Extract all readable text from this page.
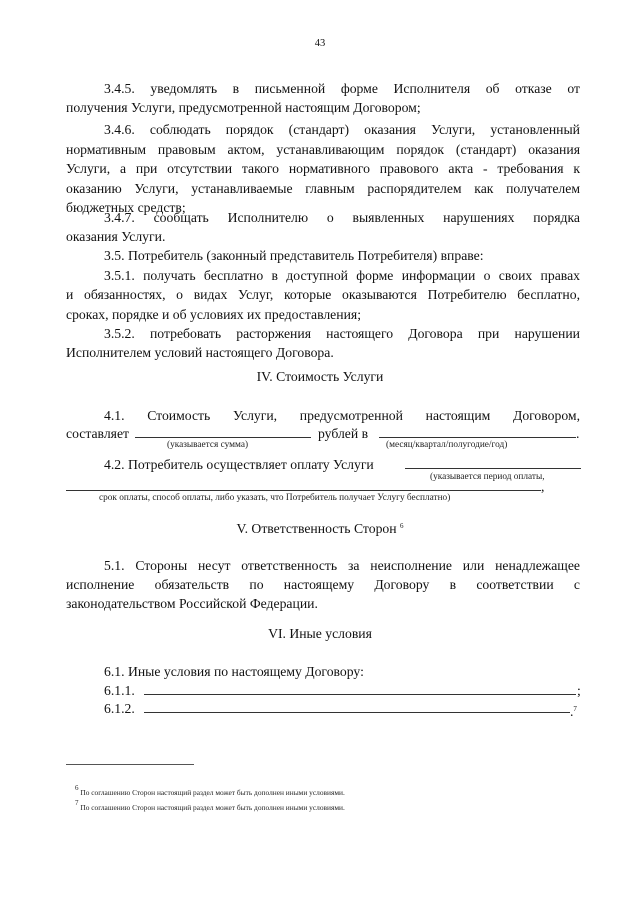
43
3.4.5. уведомлять в письменной форме Исполнителя об отказе от
получения Услуги, предусмотренной настоящим Договором;
3.4.6. соблюдать порядок (стандарт) оказания Услуги, установленный
нормативным правовым актом, устанавливающим порядок (стандарт) оказания
Услуги, а при отсутствии такого нормативного правового акта - требования к
оказанию Услуги, устанавливаемые главным распорядителем как получателем
бюджетных средств;
3.4.7. сообщать Исполнителю о выявленных нарушениях порядка
оказания Услуги.
3.5. Потребитель (законный представитель Потребителя) вправе:
3.5.1. получать бесплатно в доступной форме информации о своих правах
и обязанностях, о видах Услуг, которые оказываются Потребителю бесплатно,
сроках, порядке и об условиях их предоставления;
3.5.2. потребовать расторжения настоящего Договора при нарушении
Исполнителем условий настоящего Договора.
IV. Стоимость Услуги
4.1. Стоимость Услуги, предусмотренной настоящим Договором,
составляет	рублей в	.
(указывается сумма)	(месяц/квартал/полугодие/год)
4.2. Потребитель осуществляет оплату Услуги
(указывается период оплаты,
,
срок оплаты, способ оплаты, либо указать, что Потребитель получает Услугу бесплатно)
V. Ответственность Сторон $^6$
5.1. Стороны несут ответственность за неисполнение или ненадлежащее
исполнение обязательств по настоящему Договору в соответствии с
законодательством Российской Федерации.
VI. Иные условия
6.1. Иные условия по настоящему Договору:
6.1.1.	;
6.1.2.	.$^7$
$^6$ По соглашению Сторон настоящий раздел может быть дополнен иными условиями.
$^7$ По соглашению Сторон настоящий раздел может быть дополнен иными условиями.
